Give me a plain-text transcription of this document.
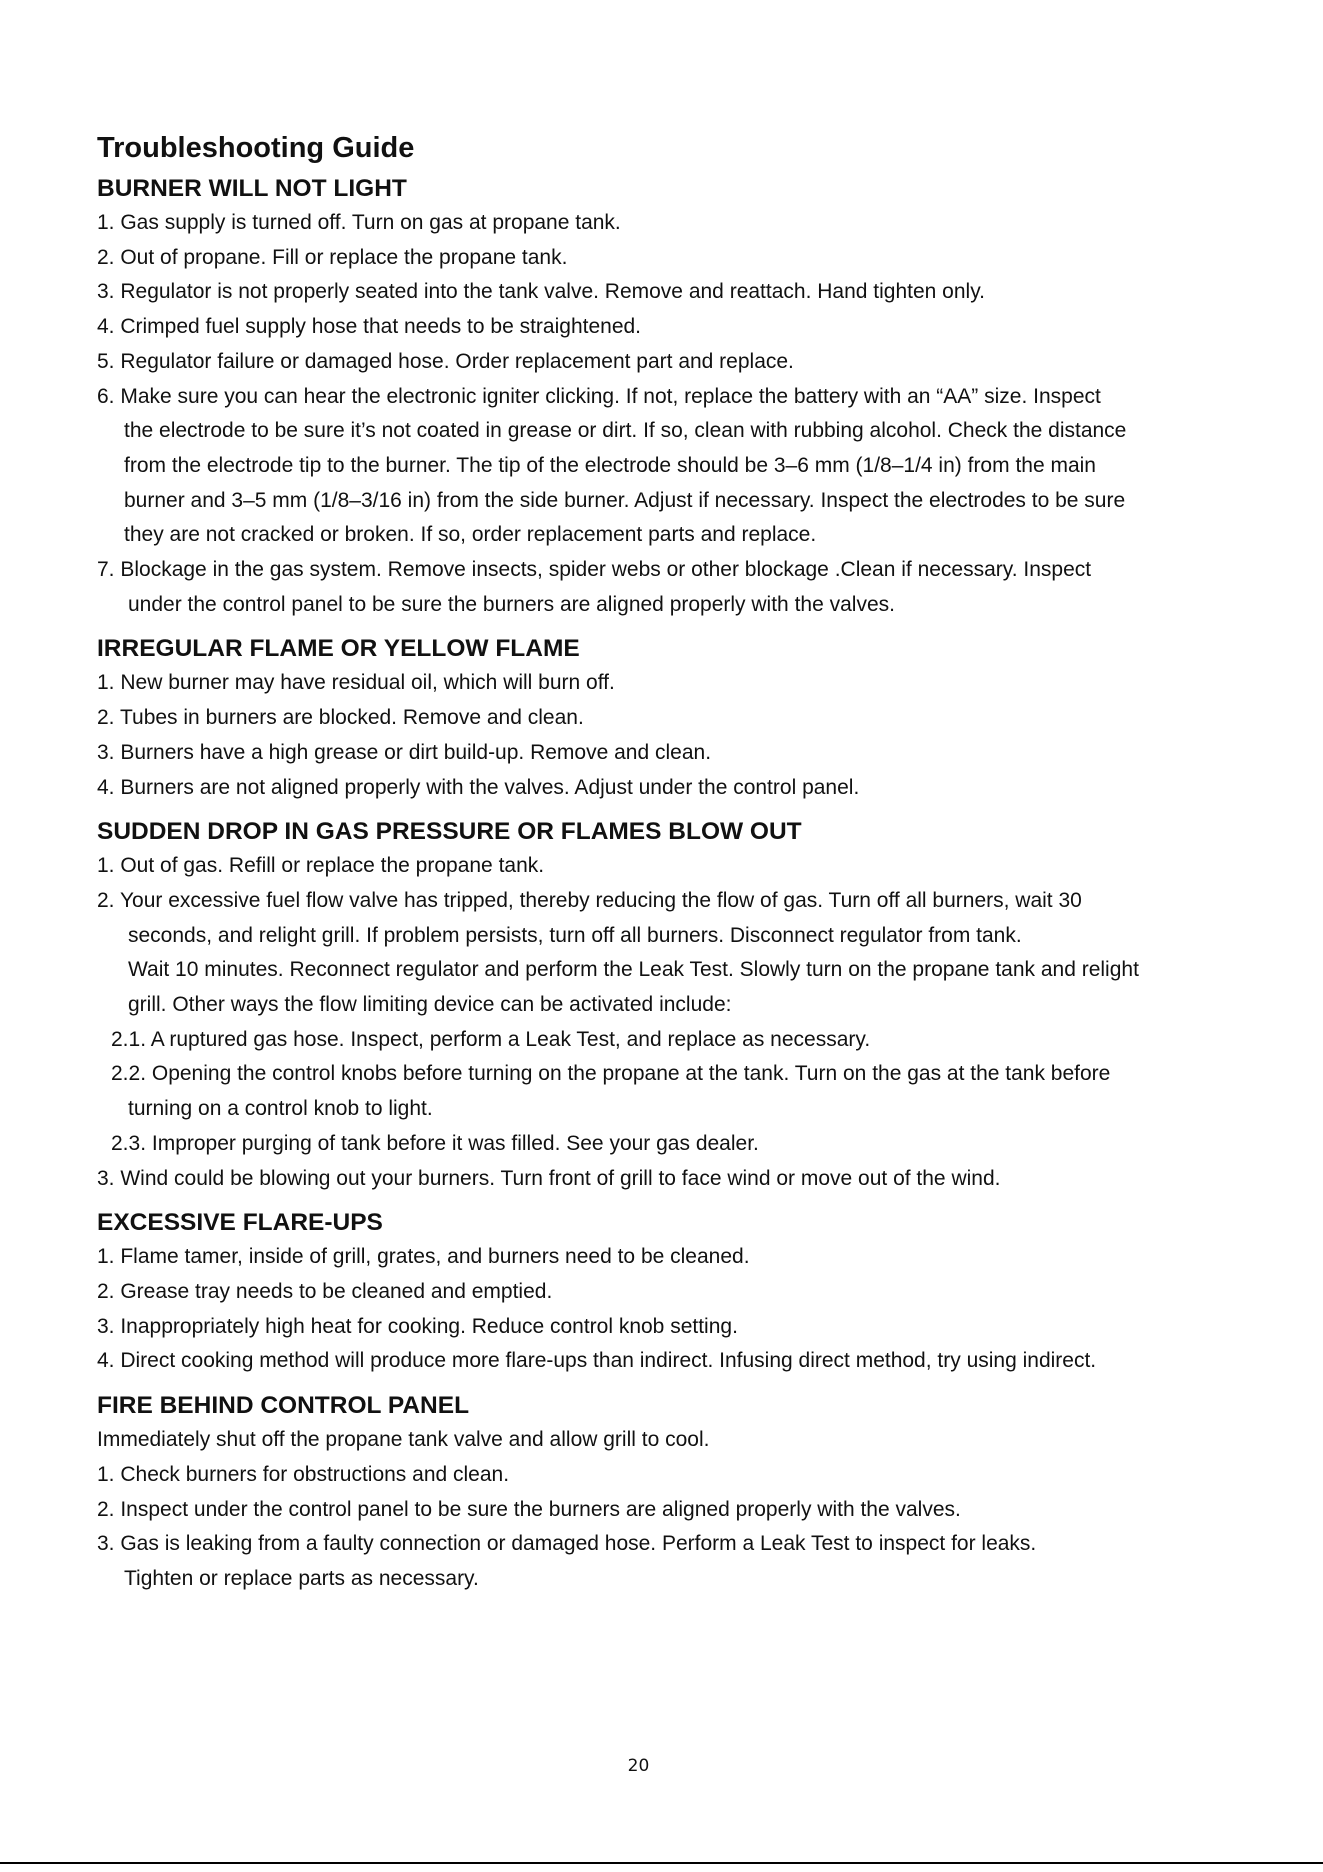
Troubleshooting Guide
BURNER WILL NOT LIGHT
1. Gas supply is turned off. Turn on gas at propane tank.
2. Out of propane. Fill or replace the propane tank.
3. Regulator is not properly seated into the tank valve. Remove and reattach. Hand tighten only.
4. Crimped fuel supply hose that needs to be straightened.
5. Regulator failure or damaged hose. Order replacement part and replace.
6. Make sure you can hear the electronic igniter clicking. If not, replace the battery with an “AA” size. Inspect
the electrode to be sure it’s not coated in grease or dirt. If so, clean with rubbing alcohol. Check the distance
from the electrode tip to the burner. The tip of the electrode should be 3–6 mm (1/8–1/4 in) from the main
burner and 3–5 mm (1/8–3/16 in) from the side burner. Adjust if necessary. Inspect the electrodes to be sure
they are not cracked or broken. If so, order replacement parts and replace.
7. Blockage in the gas system. Remove insects, spider webs or other blockage .Clean if necessary. Inspect
under the control panel to be sure the burners are aligned properly with the valves.
IRREGULAR FLAME OR YELLOW FLAME
1. New burner may have residual oil, which will burn off.
2. Tubes in burners are blocked. Remove and clean.
3. Burners have a high grease or dirt build-up. Remove and clean.
4. Burners are not aligned properly with the valves. Adjust under the control panel.
SUDDEN DROP IN GAS PRESSURE OR FLAMES BLOW OUT
1. Out of gas. Refill or replace the propane tank.
2. Your excessive fuel flow valve has tripped, thereby reducing the flow of gas. Turn off all burners, wait 30
seconds, and relight grill. If problem persists, turn off all burners. Disconnect regulator from tank.
Wait 10 minutes. Reconnect regulator and perform the Leak Test. Slowly turn on the propane tank and relight
grill. Other ways the flow limiting device can be activated include:
2.1. A ruptured gas hose. Inspect, perform a Leak Test, and replace as necessary.
2.2. Opening the control knobs before turning on the propane at the tank. Turn on the gas at the tank before
turning on a control knob to light.
2.3. Improper purging of tank before it was filled. See your gas dealer.
3. Wind could be blowing out your burners. Turn front of grill to face wind or move out of the wind.
EXCESSIVE FLARE-UPS
1. Flame tamer, inside of grill, grates, and burners need to be cleaned.
2. Grease tray needs to be cleaned and emptied.
3. Inappropriately high heat for cooking. Reduce control knob setting.
4. Direct cooking method will produce more flare-ups than indirect. Infusing direct method, try using indirect.
FIRE BEHIND CONTROL PANEL
Immediately shut off the propane tank valve and allow grill to cool.
1. Check burners for obstructions and clean.
2. Inspect under the control panel to be sure the burners are aligned properly with the valves.
3. Gas is leaking from a faulty connection or damaged hose. Perform a Leak Test to inspect for leaks.
Tighten or replace parts as necessary.
20
